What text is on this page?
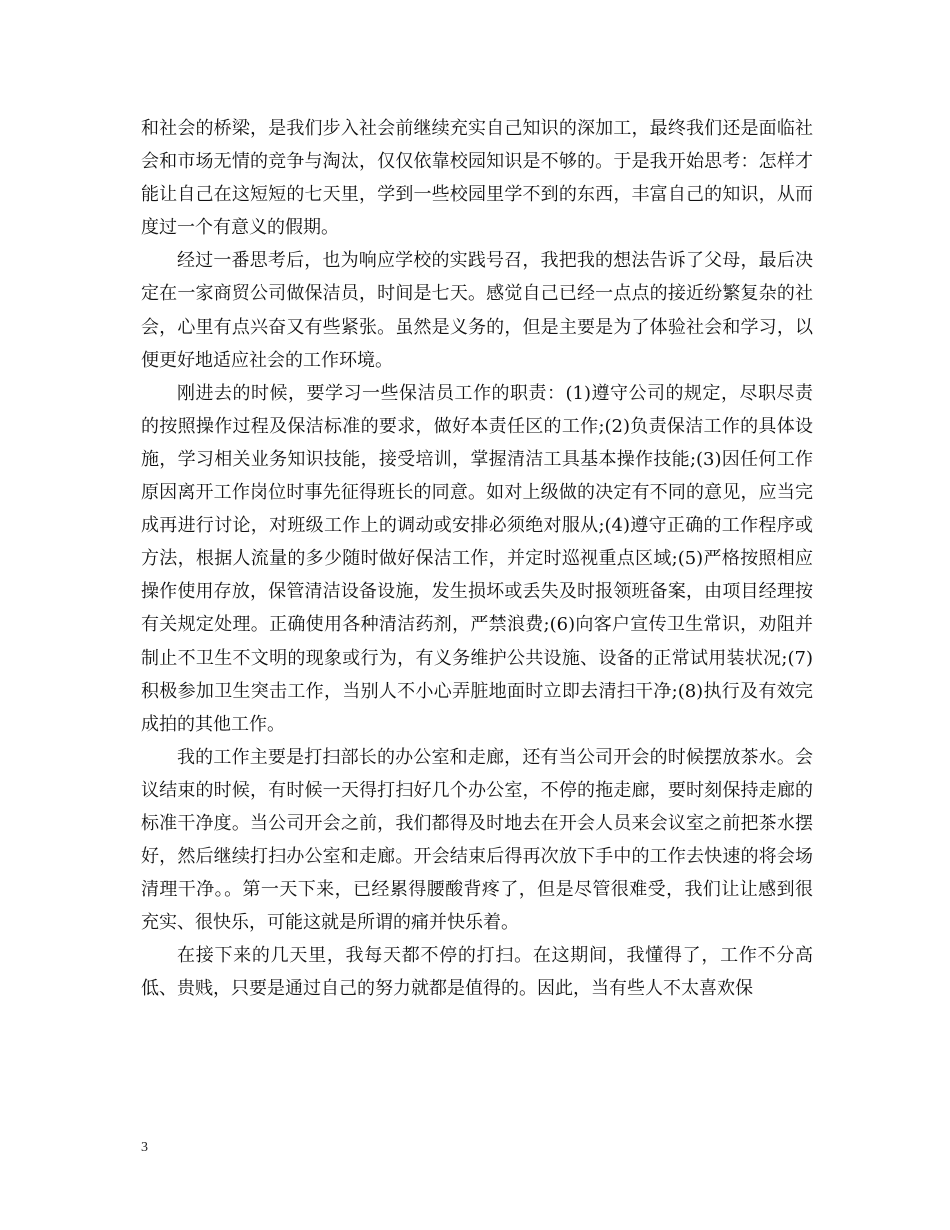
和社会的桥梁，是我们步入社会前继续充实自己知识的深加工，最终我们还是面临社会和市场无情的竞争与淘汰，仅仅依靠校园知识是不够的。于是我开始思考：怎样才能让自己在这短短的七天里，学到一些校园里学不到的东西，丰富自己的知识，从而度过一个有意义的假期。

经过一番思考后，也为响应学校的实践号召，我把我的想法告诉了父母，最后决定在一家商贸公司做保洁员，时间是七天。感觉自己已经一点点的接近纷繁复杂的社会，心里有点兴奋又有些紧张。虽然是义务的，但是主要是为了体验社会和学习，以便更好地适应社会的工作环境。

刚进去的时候，要学习一些保洁员工作的职责：(1)遵守公司的规定，尽职尽责的按照操作过程及保洁标准的要求，做好本责任区的工作;(2)负责保洁工作的具体设施，学习相关业务知识技能，接受培训，掌握清洁工具基本操作技能;(3)因任何工作原因离开工作岗位时事先征得班长的同意。如对上级做的决定有不同的意见，应当完成再进行讨论，对班级工作上的调动或安排必须绝对服从;(4)遵守正确的工作程序或方法，根据人流量的多少随时做好保洁工作，并定时巡视重点区域;(5)严格按照相应操作使用存放，保管清洁设备设施，发生损坏或丢失及时报领班备案，由项目经理按有关规定处理。正确使用各种清洁药剂，严禁浪费;(6)向客户宣传卫生常识，劝阻并制止不卫生不文明的现象或行为，有义务维护公共设施、设备的正常试用装状况;(7)积极参加卫生突击工作，当别人不小心弄脏地面时立即去清扫干净;(8)执行及有效完成拍的其他工作。

我的工作主要是打扫部长的办公室和走廊，还有当公司开会的时候摆放茶水。会议结束的时候，有时候一天得打扫好几个办公室，不停的拖走廊，要时刻保持走廊的标准干净度。当公司开会之前，我们都得及时地去在开会人员来会议室之前把茶水摆好，然后继续打扫办公室和走廊。开会结束后得再次放下手中的工作去快速的将会场清理干净。。第一天下来，已经累得腰酸背疼了，但是尽管很难受，我们让让感到很充实、很快乐，可能这就是所谓的痛并快乐着。

在接下来的几天里，我每天都不停的打扫。在这期间，我懂得了，工作不分高低、贵贱，只要是通过自己的努力就都是值得的。因此，当有些人不太喜欢保

3
